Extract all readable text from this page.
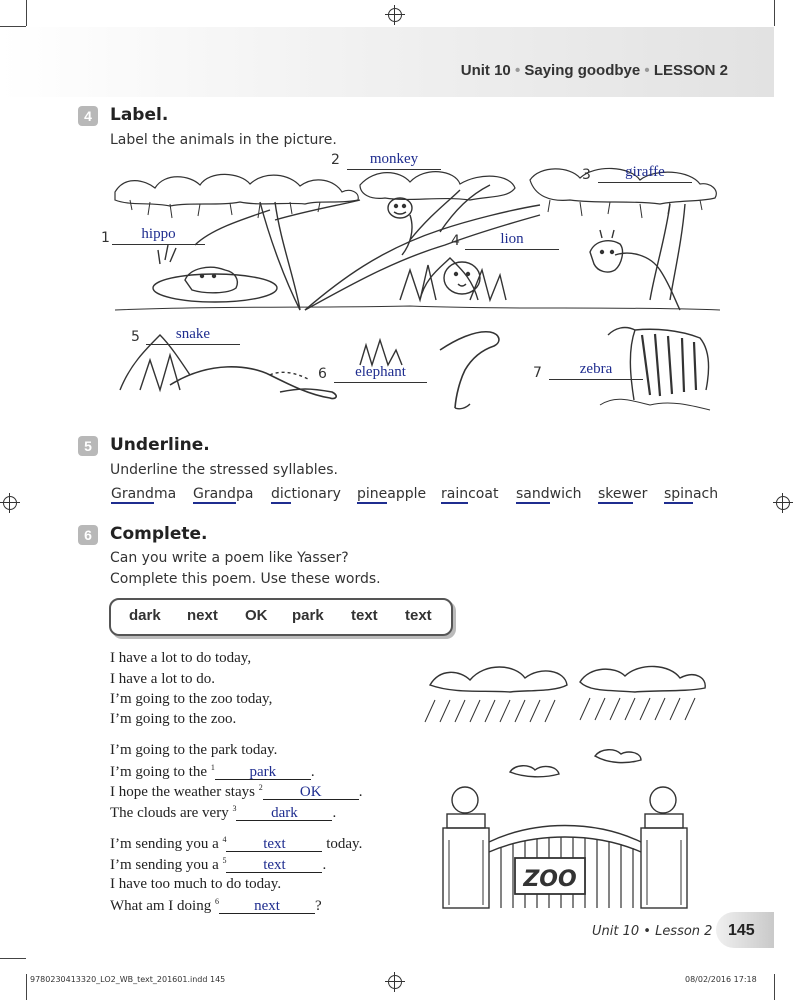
Unit 10 • Saying goodbye • LESSON 2
4	Label.
Label the animals in the picture.
1	hippo
2	monkey
3	giraffe
4	lion
5	snake
6	elephant	7	zebra
5	Underline.
Underline the stressed syllables.
Grandma Grandpa dictionary pineapple raincoat sandwich skewer spinach
6	Complete.
Can you write a poem like Yasser?
Complete this poem. Use these words.
dark next OK park text text
I have a lot to do today,
I have a lot to do.
I’m going to the zoo today,
I’m going to the zoo.
I’m going to the park today.
I’m going to the $^1$ park .
I hope the weather stays $^2$ OK .
The clouds are very $^3$ dark .
I’m sending you a $^4$ text today.
I’m sending you a $^5$ text .
I have too much to do today.
What am I doing $^6$ next ?
ZOO
Unit 10 • Lesson 2 145
9780230413320_LO2_WB_text_201601.indd 145	08/02/2016 17:18
